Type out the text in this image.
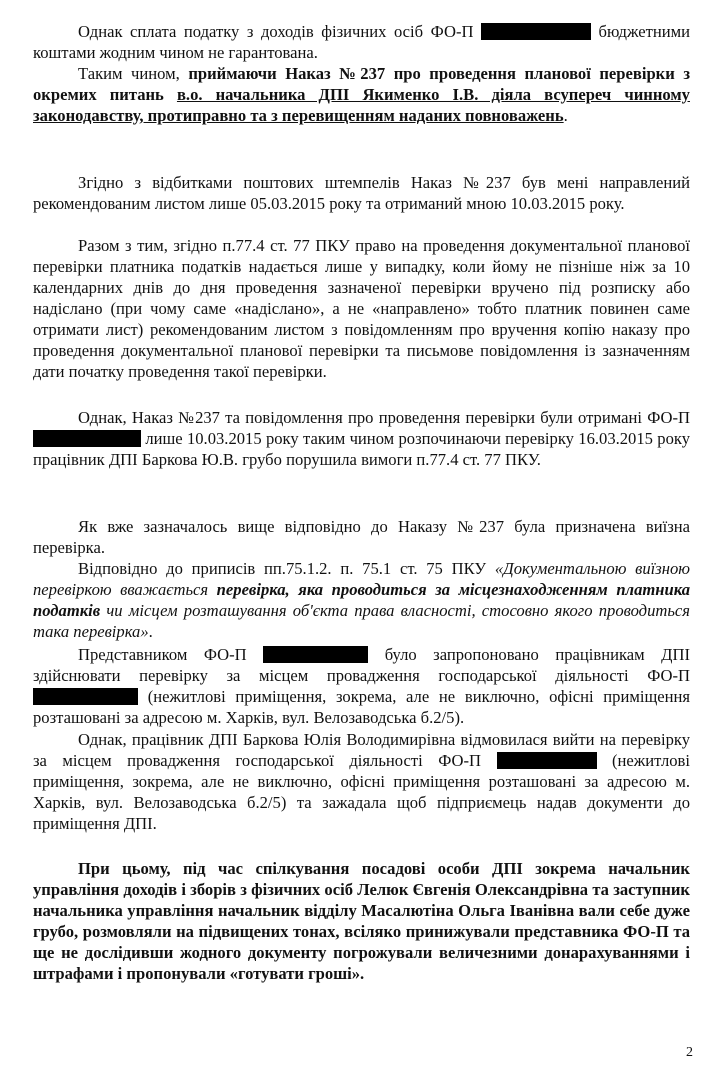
Однак сплата податку з доходів фізичних осіб ФО-П	бюджетними коштами жодним чином не гарантована.

Таким чином, приймаючи Наказ №237 про проведення планової перевірки з окремих питань в.о. начальника ДПІ Якименко І.В. діяла всупереч чинному законодавству, протиправно та з перевищенням наданих повноважень.

Згідно з відбитками поштових штемпелів Наказ №237 був мені направлений рекомендованим листом лише 05.03.2015 року та отриманий мною 10.03.2015 року.

Разом з тим, згідно п.77.4 ст. 77 ПКУ право на проведення документальної планової перевірки платника податків надається лише у випадку, коли йому не пізніше ніж за 10 календарних днів до дня проведення зазначеної перевірки вручено під розписку або надіслано (при чому саме «надіслано», а не «направлено» тобто платник повинен саме отримати лист) рекомендованим листом з повідомленням про вручення копію наказу про проведення документальної планової перевірки та письмове повідомлення із зазначенням дати початку проведення такої перевірки.

Однак, Наказ №237 та повідомлення про проведення перевірки були отримані ФО-П  лише 10.03.2015 року таким чином розпочинаючи перевірку 16.03.2015 року працівник ДПІ Баркова Ю.В. грубо порушила вимоги п.77.4 ст. 77 ПКУ.

Як вже зазначалось вище відповідно до Наказу №237 була призначена виїзна перевірка.

Відповідно до приписів пп.75.1.2. п. 75.1 ст. 75 ПКУ «Документальною виїзною перевіркою вважається перевірка, яка проводиться за місцезнаходженням платника податків чи місцем розташування об'єкта права власності, стосовно якого проводиться така перевірка».

Представником ФО-П	було запропоновано працівникам ДПІ здійснювати перевірку за місцем провадження господарської діяльності ФО-П  (нежитлові приміщення, зокрема, але не виключно, офісні приміщення розташовані за адресою м. Харків, вул. Велозаводська б.2/5).

Однак, працівник ДПІ Баркова Юлія Володимирівна відмовилася вийти на перевірку за місцем провадження господарської діяльності ФО-П	(нежитлові приміщення, зокрема, але не виключно, офісні приміщення розташовані за адресою м. Харків, вул. Велозаводська б.2/5) та зажадала щоб підприємець надав документи до приміщення ДПІ.

При цьому, під час спілкування посадові особи ДПІ зокрема начальник управління доходів і зборів з фізичних осіб Лелюк Євгенія Олександрівна та заступник начальника управління начальник відділу Масалютіна Ольга Іванівна вали себе дуже грубо, розмовляли на підвищених тонах, всіляко принижували представника ФО-П та ще не дослідивши жодного документу погрожували величезними донарахуваннями і штрафами і пропонували «готувати гроші».

2
